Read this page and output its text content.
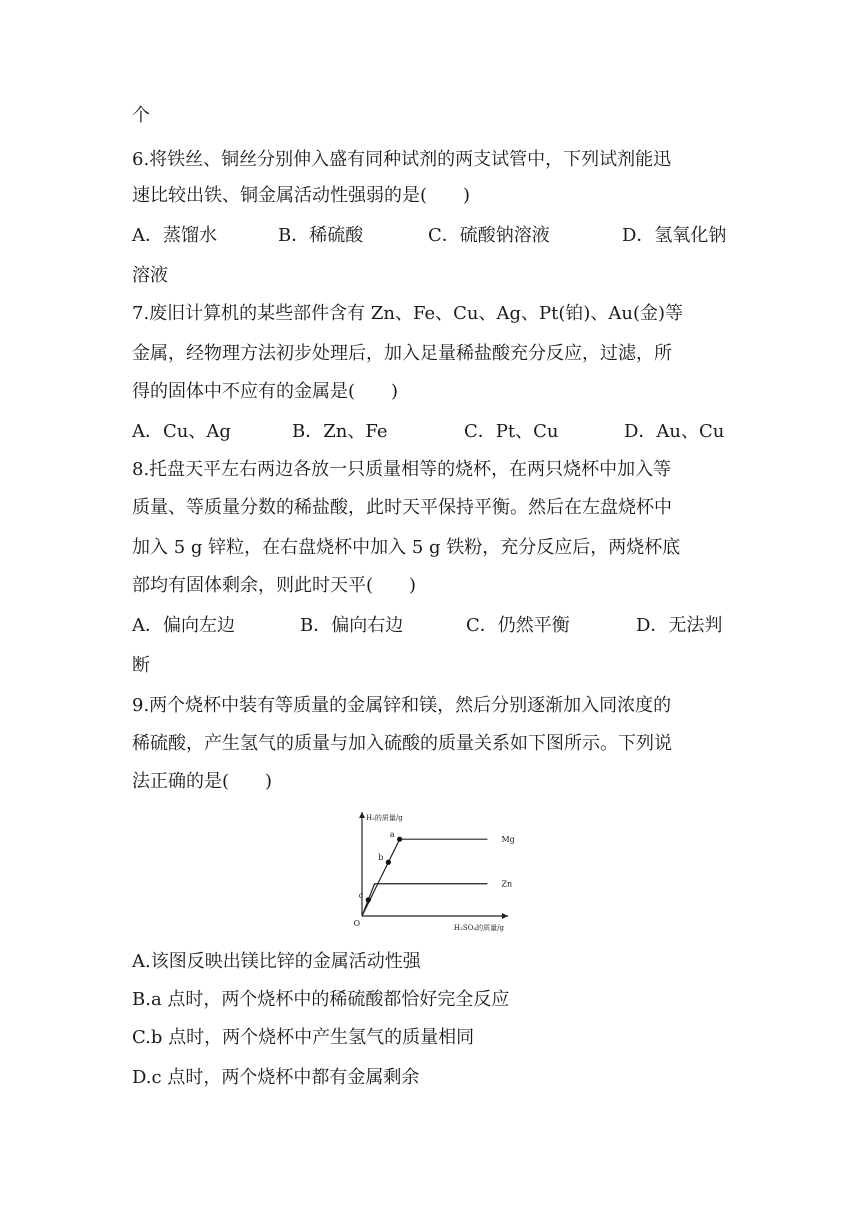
个
6.将铁丝、铜丝分别伸入盛有同种试剂的两支试管中，下列试剂能迅
速比较出铁、铜金属活动性强弱的是(　　)
A．蒸馏水	B．稀硫酸	C．硫酸钠溶液	D．氢氧化钠
溶液
7.废旧计算机的某些部件含有 Zn、Fe、Cu、Ag、Pt(铂)、Au(金)等
金属，经物理方法初步处理后，加入足量稀盐酸充分反应，过滤，所
得的固体中不应有的金属是(　　)
A．Cu、Ag	B．Zn、Fe	C．Pt、Cu	D．Au、Cu
8.托盘天平左右两边各放一只质量相等的烧杯，在两只烧杯中加入等
质量、等质量分数的稀盐酸，此时天平保持平衡。然后在左盘烧杯中
加入 5 g 锌粒，在右盘烧杯中加入 5 g 铁粉，充分反应后，两烧杯底
部均有固体剩余，则此时天平(　　)
A．偏向左边	B．偏向右边	C．仍然平衡	D．无法判
断
9.两个烧杯中装有等质量的金属锌和镁，然后分别逐渐加入同浓度的
稀硫酸，产生氢气的质量与加入硫酸的质量关系如下图所示。下列说
法正确的是(　　)
Mg
Zn
a
b
c
H₂的质量/g
H₂SO₄的质量/g
O
A.该图反映出镁比锌的金属活动性强
B.a 点时，两个烧杯中的稀硫酸都恰好完全反应
C.b 点时，两个烧杯中产生氢气的质量相同
D.c 点时，两个烧杯中都有金属剩余
